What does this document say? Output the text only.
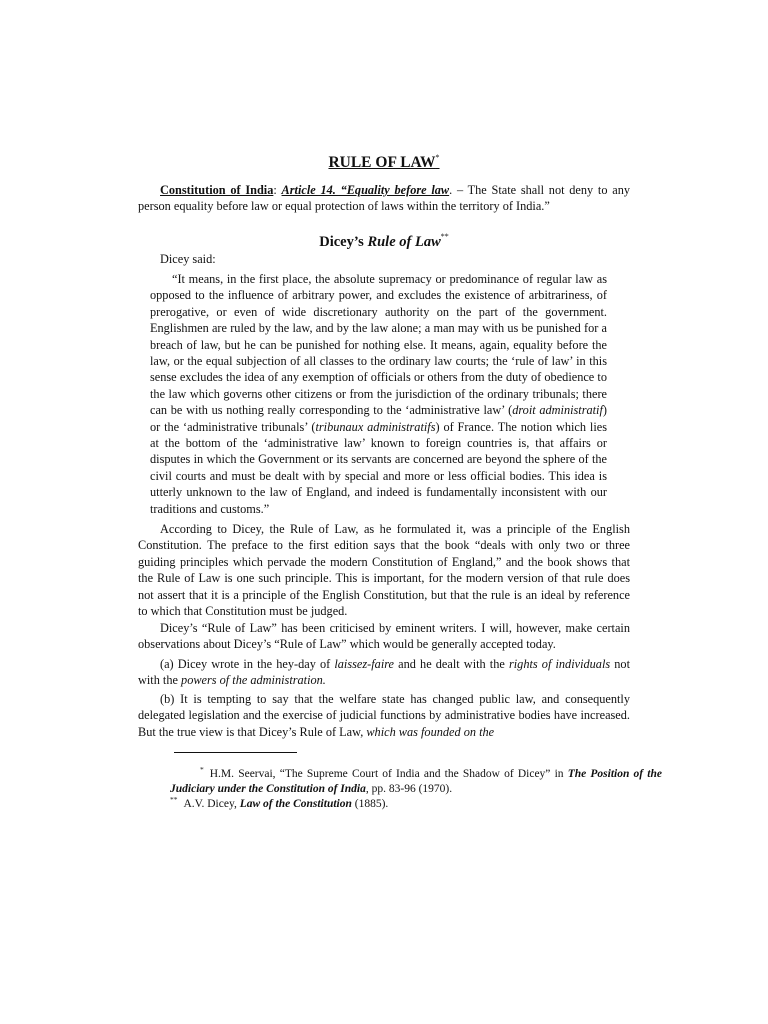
RULE OF LAW*

Constitution of India: Article 14. “Equality before law. – The State shall not deny to any person equality before law or equal protection of laws within the territory of India.”

Dicey’s Rule of Law**

Dicey said:

“It means, in the first place, the absolute supremacy or predominance of regular law as opposed to the influence of arbitrary power, and excludes the existence of arbitrariness, of prerogative, or even of wide discretionary authority on the part of the government. Englishmen are ruled by the law, and by the law alone; a man may with us be punished for a breach of law, but he can be punished for nothing else. It means, again, equality before the law, or the equal subjection of all classes to the ordinary law courts; the ‘rule of law’ in this sense excludes the idea of any exemption of officials or others from the duty of obedience to the law which governs other citizens or from the jurisdiction of the ordinary tribunals; there can be with us nothing really corresponding to the ‘administrative law’ (droit administratif) or the ‘administrative tribunals’ (tribunaux administratifs) of France. The notion which lies at the bottom of the ‘administrative law’ known to foreign countries is, that affairs or disputes in which the Government or its servants are concerned are beyond the sphere of the civil courts and must be dealt with by special and more or less official bodies. This idea is utterly unknown to the law of England, and indeed is fundamentally inconsistent with our traditions and customs.”

According to Dicey, the Rule of Law, as he formulated it, was a principle of the English Constitution. The preface to the first edition says that the book “deals with only two or three guiding principles which pervade the modern Constitution of England,” and the book shows that the Rule of Law is one such principle. This is important, for the modern version of that rule does not assert that it is a principle of the English Constitution, but that the rule is an ideal by reference to which that Constitution must be judged.

Dicey’s “Rule of Law” has been criticised by eminent writers. I will, however, make certain observations about Dicey’s “Rule of Law” which would be generally accepted today.

(a) Dicey wrote in the hey-day of laissez-faire and he dealt with the rights of individuals not with the powers of the administration.

(b) It is tempting to say that the welfare state has changed public law, and consequently delegated legislation and the exercise of judicial functions by administrative bodies have increased. But the true view is that Dicey’s Rule of Law, which was founded on the

* H.M. Seervai, “The Supreme Court of India and the Shadow of Dicey” in The Position of the Judiciary under the Constitution of India, pp. 83-96 (1970).

** A.V. Dicey, Law of the Constitution (1885).
